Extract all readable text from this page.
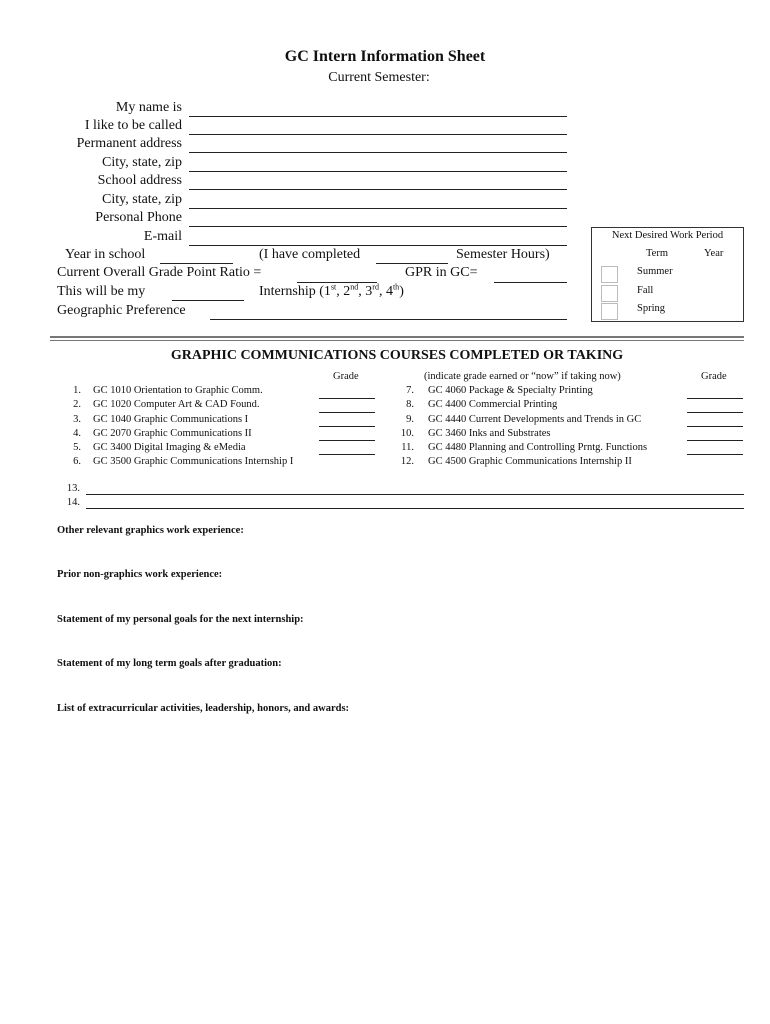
GC Intern Information Sheet
Current Semester:
My name is
I like to be called
Permanent address
City, state, zip
School address
City, state, zip
Personal Phone
E-mail
Year in school	(I have completed	Semester Hours)
Current Overall Grade Point Ratio =	GPR in GC=
This will be my	Internship (1st, 2nd, 3rd, 4th)
Geographic Preference
Next Desired Work Period
Term	Year
Summer
Fall
Spring
GRAPHIC COMMUNICATIONS COURSES COMPLETED OR TAKING
Grade	(indicate grade earned or “now” if taking now)	Grade
1. GC 1010 Orientation to Graphic Comm.
2. GC 1020 Computer Art & CAD Found.
3. GC 1040 Graphic Communications I
4. GC 2070 Graphic Communications II
5. GC 3400 Digital Imaging & eMedia
6. GC 3500 Graphic Communications Internship I
7. GC 4060 Package & Specialty Printing
8. GC 4400 Commercial Printing
9. GC 4440 Current Developments and Trends in GC
10. GC 3460 Inks and Substrates
11. GC 4480 Planning and Controlling Prntg. Functions
12. GC 4500 Graphic Communications Internship II
13.
14.
Other relevant graphics work experience:
Prior non-graphics work experience:
Statement of my personal goals for the next internship:
Statement of my long term goals after graduation:
List of extracurricular activities, leadership, honors, and awards:
